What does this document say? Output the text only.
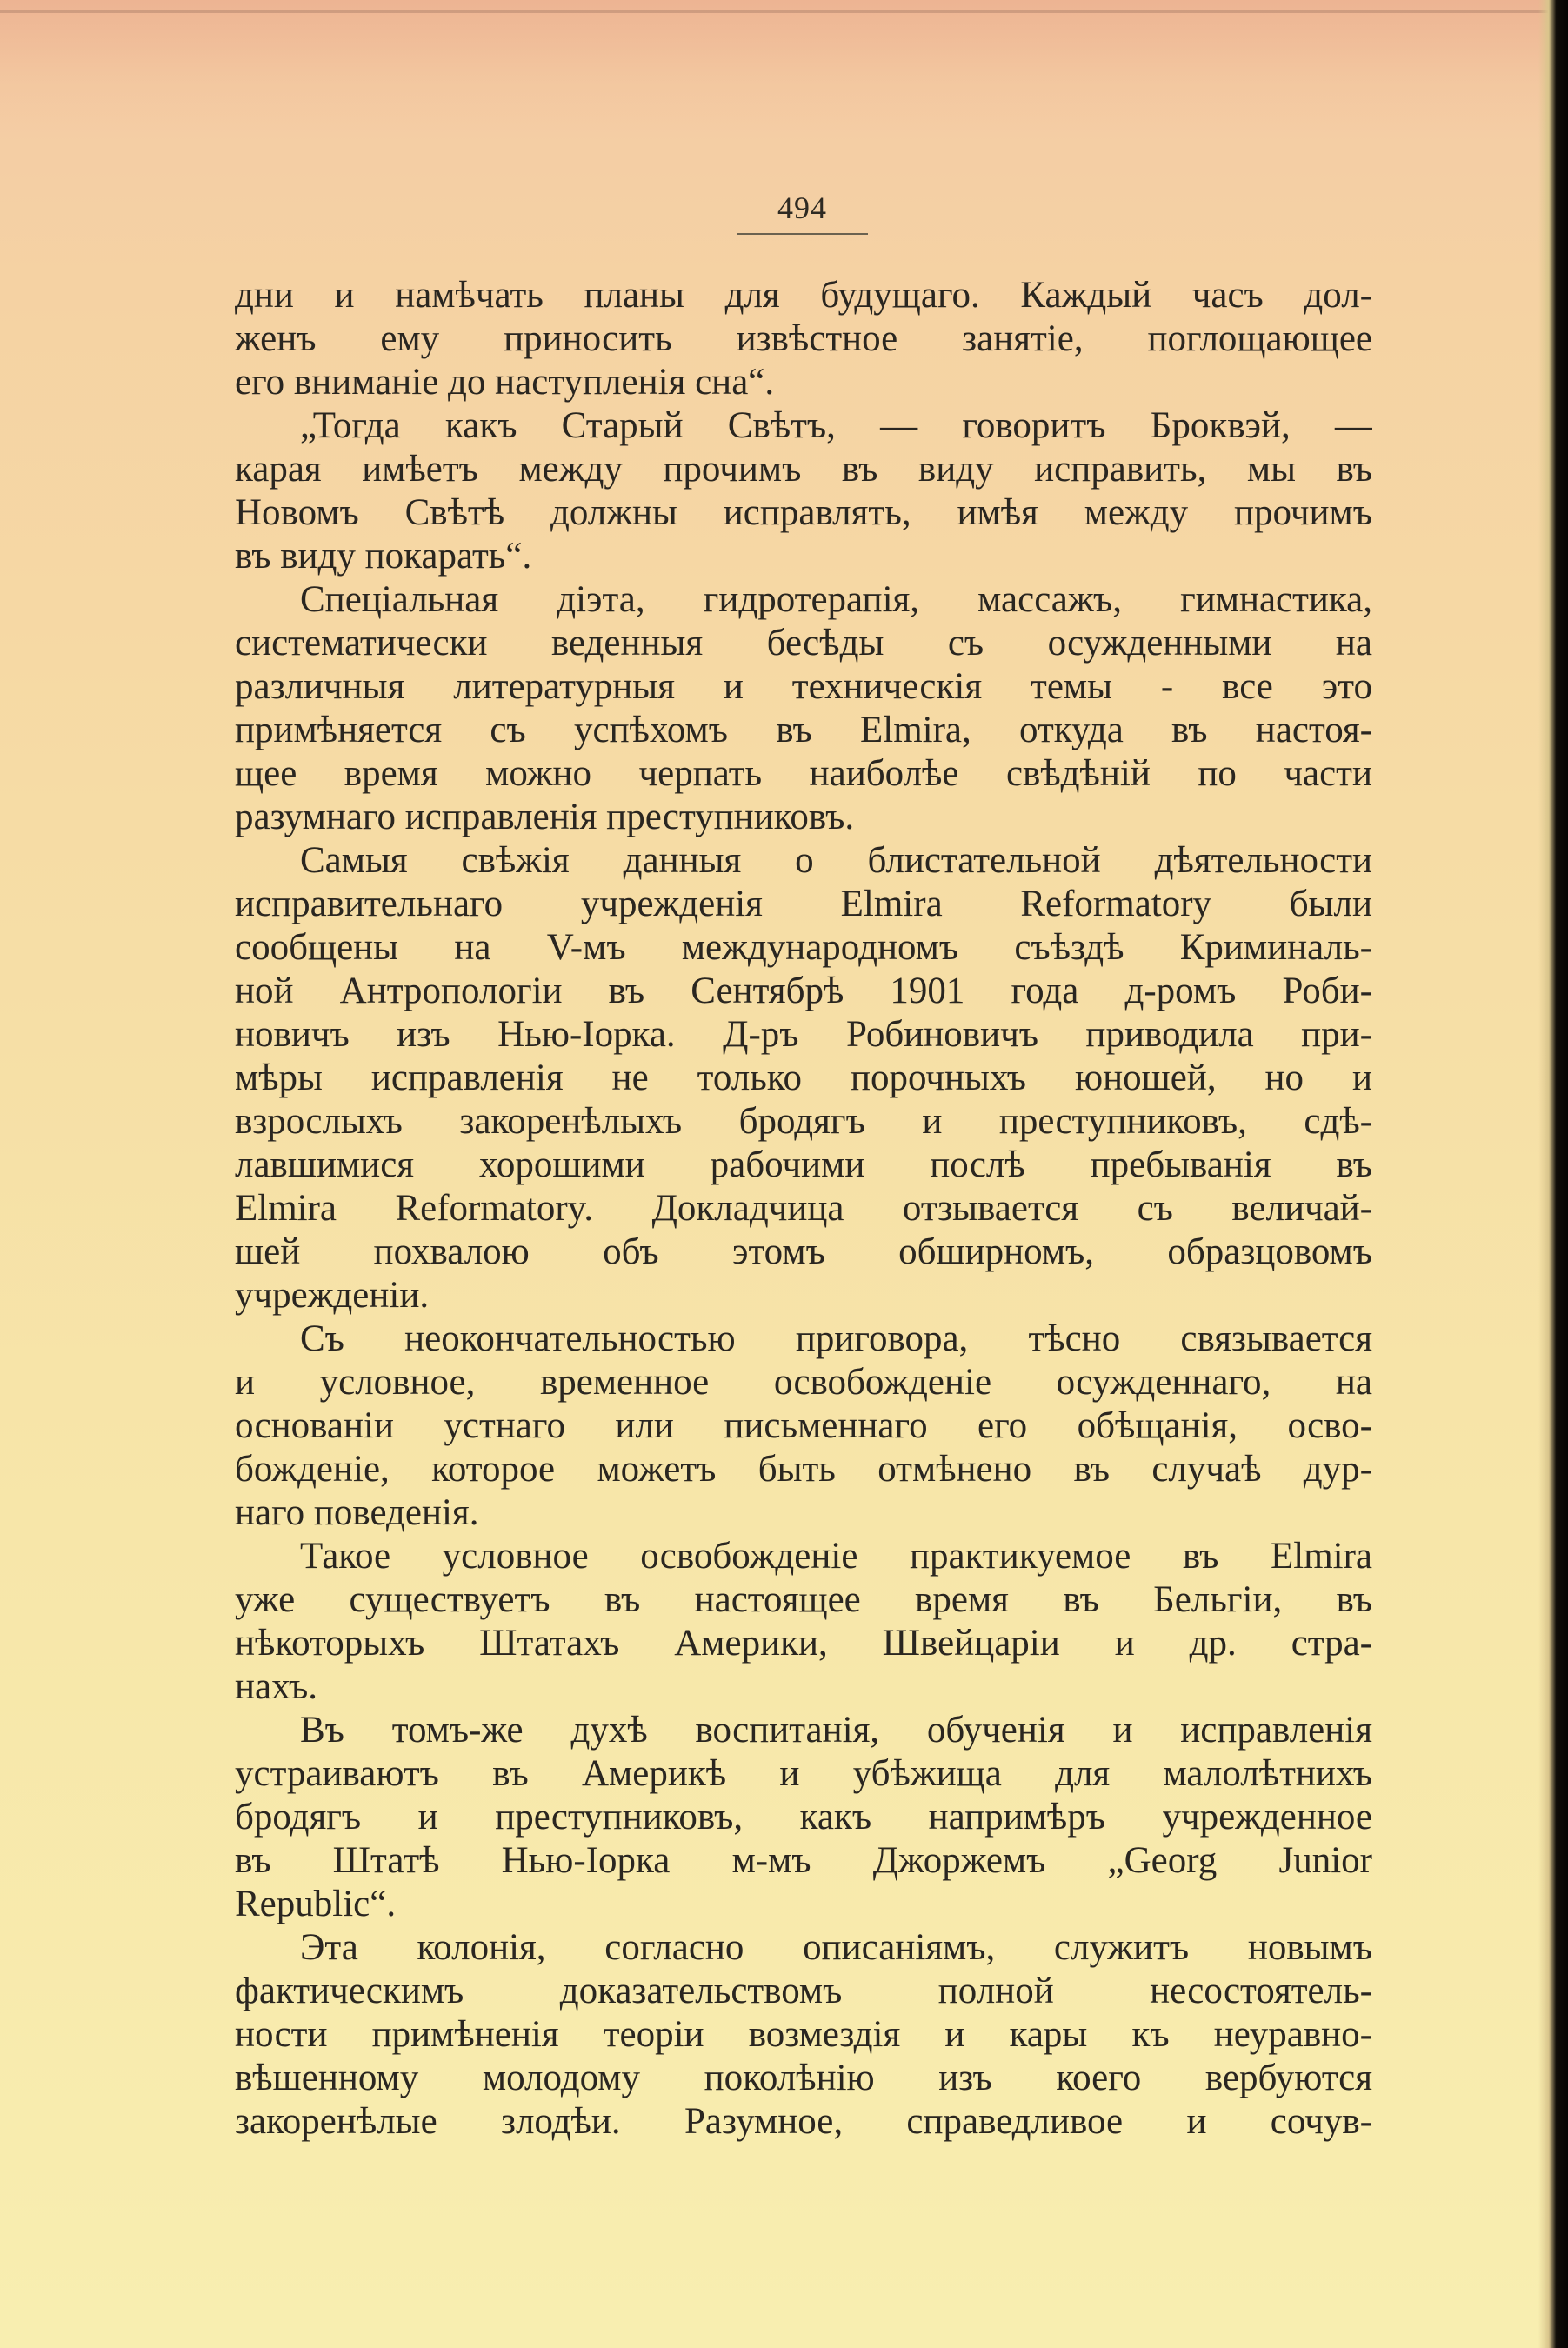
494
дни и намѣчать планы для будущаго. Каждый часъ дол-
женъ ему приносить извѣстное занятіе, поглощающее
его вниманіе до наступленія сна“.
„Тогда какъ Старый Свѣтъ, — говоритъ Броквэй, —
карая имѣетъ между прочимъ въ виду исправить, мы въ
Новомъ Свѣтѣ должны исправлять, имѣя между прочимъ
въ виду покарать“.
Спеціальная діэта, гидротерапія, массажъ, гимнастика,
систематически веденныя бесѣды съ осужденными на
различныя литературныя и техническія темы - все это
примѣняется съ успѣхомъ въ Elmira, откуда въ настоя-
щее время можно черпать наиболѣе свѣдѣній по части
разумнаго исправленія преступниковъ.
Самыя свѣжія данныя о блистательной дѣятельности
исправительнаго учрежденія Elmira Reformatory были
сообщены на V-мъ международномъ съѣздѣ Криминаль-
ной Антропологіи въ Сентябрѣ 1901 года д-ромъ Роби-
новичъ изъ Нью-Іорка. Д-ръ Робиновичъ приводила при-
мѣры исправленія не только порочныхъ юношей, но и
взрослыхъ закоренѣлыхъ бродягъ и преступниковъ, сдѣ-
лавшимися хорошими рабочими послѣ пребыванія въ
Elmira Reformatory. Докладчица отзывается съ величай-
шей похвалою объ этомъ обширномъ, образцовомъ
учрежденіи.
Съ неокончательностью приговора, тѣсно связывается
и условное, временное освобожденіе осужденнаго, на
основаніи устнаго или письменнаго его обѣщанія, осво-
божденіе, которое можетъ быть отмѣнено въ случаѣ дур-
наго поведенія.
Такое условное освобожденіе практикуемое въ Elmira
уже существуетъ въ настоящее время въ Бельгіи, въ
нѣкоторыхъ Штатахъ Америки, Швейцаріи и др. стра-
нахъ.
Въ томъ-же духѣ воспитанія, обученія и исправленія
устраиваютъ въ Америкѣ и убѣжища для малолѣтнихъ
бродягъ и преступниковъ, какъ напримѣръ учрежденное
въ Штатѣ Нью-Іорка м-мъ Джоржемъ „Georg Junior
Republic“.
Эта колонія, согласно описаніямъ, служитъ новымъ
фактическимъ доказательствомъ полной несостоятель-
ности примѣненія теоріи возмездія и кары къ неуравно-
вѣшенному молодому поколѣнію изъ коего вербуются
закоренѣлые злодѣи. Разумное, справедливое и сочув-
